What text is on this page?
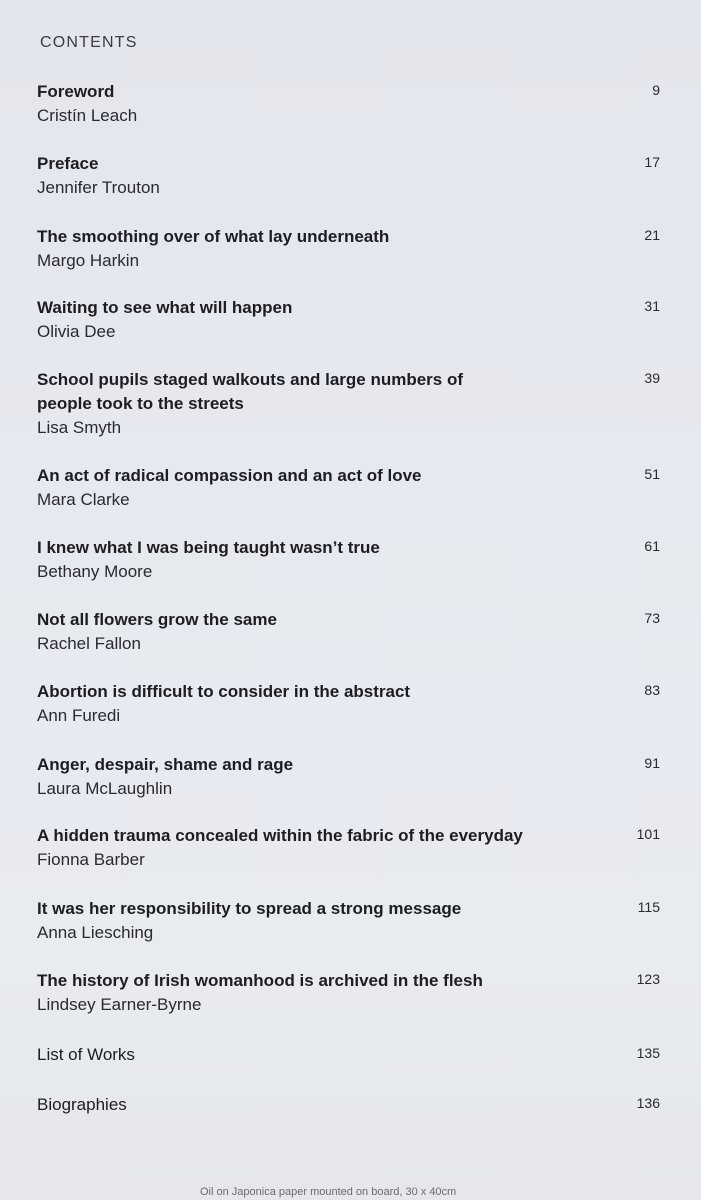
CONTENTS
Foreword
Cristín Leach
9
Preface
Jennifer Trouton
17
The smoothing over of what lay underneath
Margo Harkin
21
Waiting to see what will happen
Olivia Dee
31
School pupils staged walkouts and large numbers of people took to the streets
Lisa Smyth
39
An act of radical compassion and an act of love
Mara Clarke
51
I knew what I was being taught wasn’t true
Bethany Moore
61
Not all flowers grow the same
Rachel Fallon
73
Abortion is difficult to consider in the abstract
Ann Furedi
83
Anger, despair, shame and rage
Laura McLaughlin
91
A hidden trauma concealed within the fabric of the everyday
Fionna Barber
101
It was her responsibility to spread a strong message
Anna Liesching
115
The history of Irish womanhood is archived in the flesh
Lindsey Earner-Byrne
123
List of Works	135
Biographies	136
Oil on Japonica paper mounted on board, 30 x 40cm
